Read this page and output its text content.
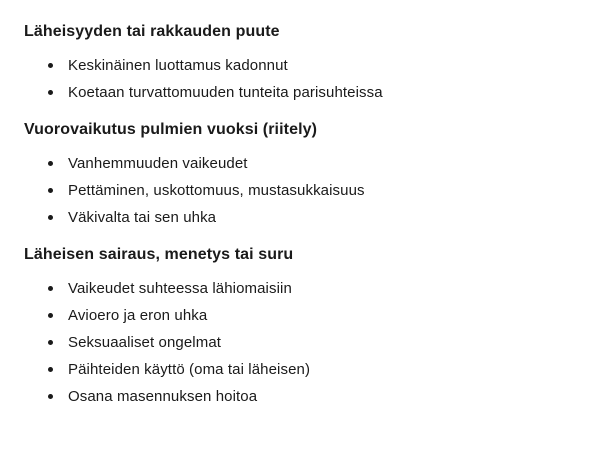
Läheisyyden tai rakkauden puute
Keskinäinen luottamus kadonnut
Koetaan turvattomuuden tunteita parisuhteissa
Vuorovaikutus pulmien vuoksi (riitely)
Vanhemmuuden vaikeudet
Pettäminen, uskottomuus, mustasukkaisuus
Väkivalta tai sen uhka
Läheisen sairaus, menetys tai suru
Vaikeudet suhteessa lähiomaisiin
Avioero ja eron uhka
Seksuaaliset ongelmat
Päihteiden käyttö (oma tai läheisen)
Osana masennuksen hoitoa
